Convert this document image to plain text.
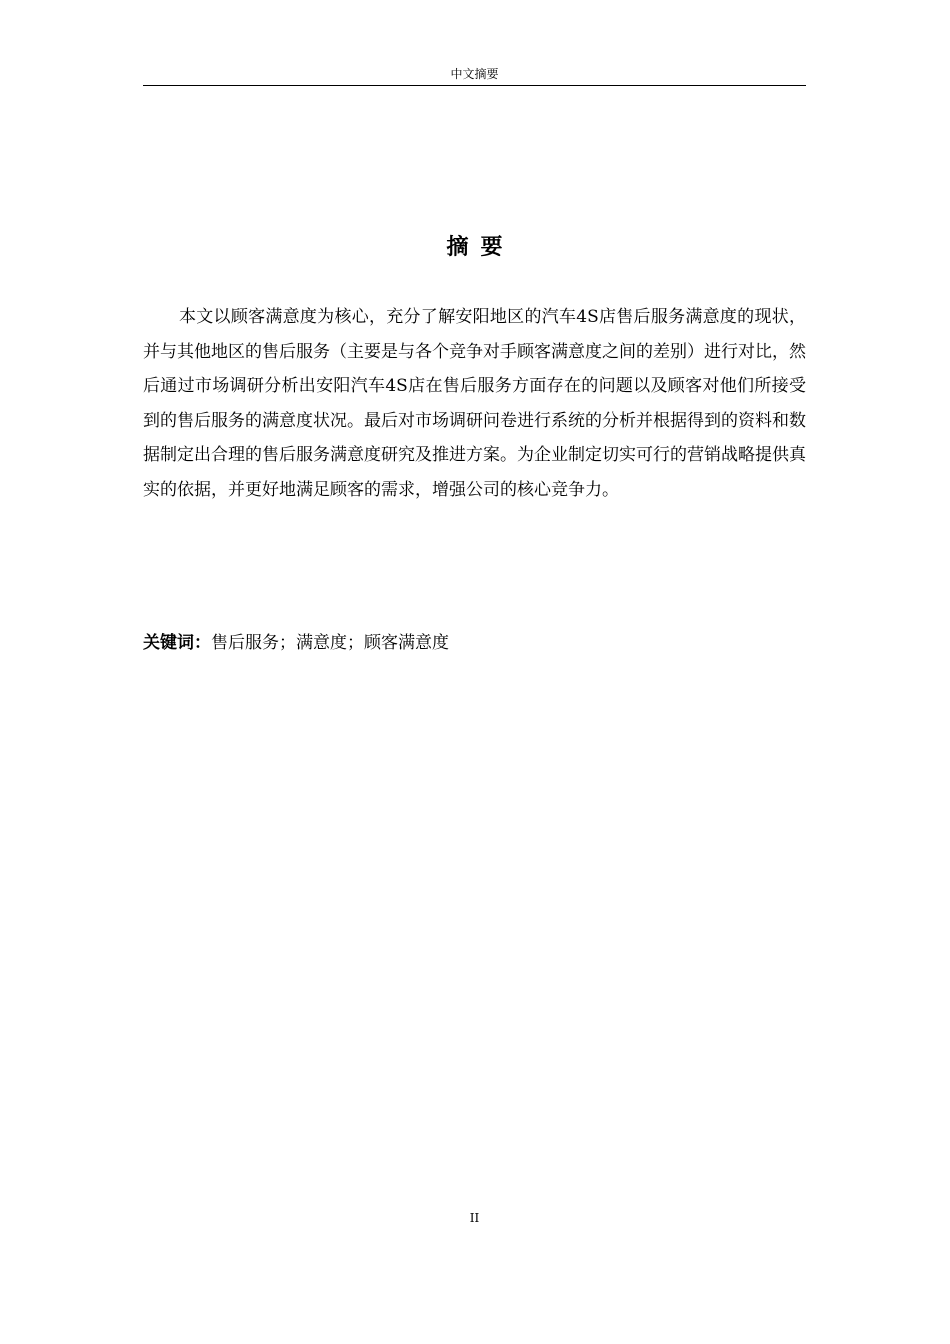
中文摘要
摘要

本文以顾客满意度为核心，充分了解安阳地区的汽车4S店售后服务满意度的现状，并与其他地区的售后服务（主要是与各个竞争对手顾客满意度之间的差别）进行对比，然后通过市场调研分析出安阳汽车4S店在售后服务方面存在的问题以及顾客对他们所接受到的售后服务的满意度状况。最后对市场调研问卷进行系统的分析并根据得到的资料和数据制定出合理的售后服务满意度研究及推进方案。为企业制定切实可行的营销战略提供真实的依据，并更好地满足顾客的需求，增强公司的核心竞争力。

关键词：售后服务；满意度；顾客满意度
II
